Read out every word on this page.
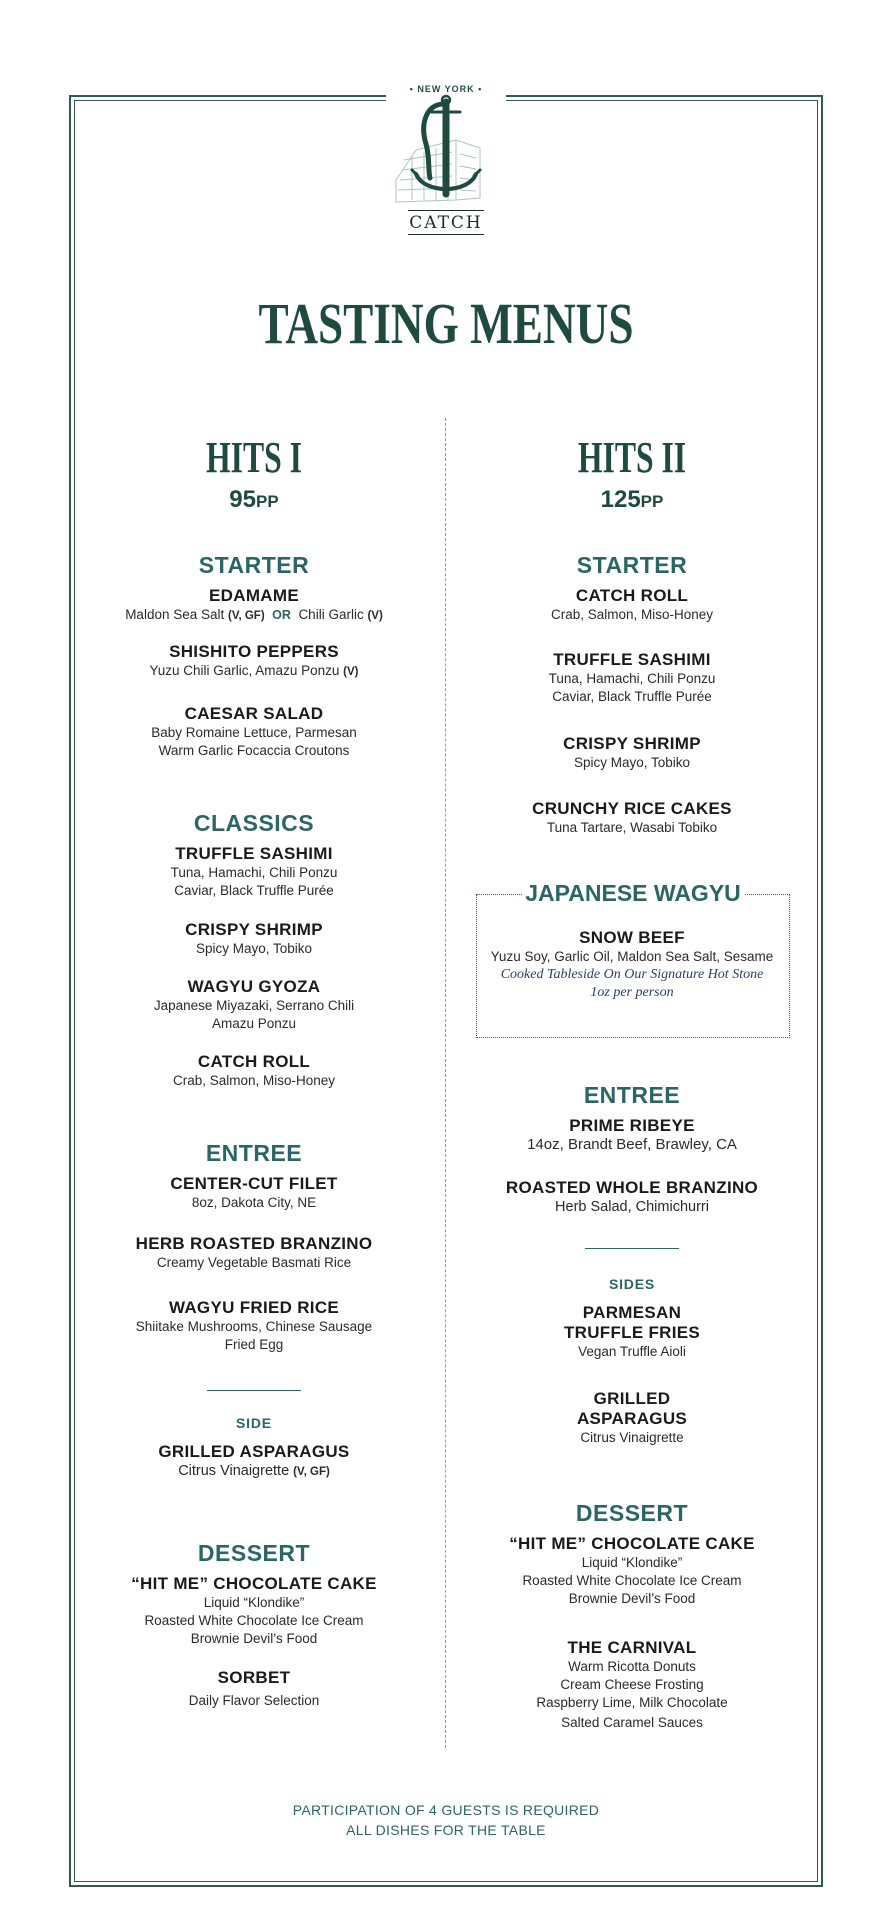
• NEW YORK •
CATCH
TASTING MENUS
HITS I
95PP
STARTER
EDAMAME
Maldon Sea Salt (V, GF) OR Chili Garlic (V)
SHISHITO PEPPERS
Yuzu Chili Garlic, Amazu Ponzu (V)
CAESAR SALAD
Baby Romaine Lettuce, Parmesan
Warm Garlic Focaccia Croutons
CLASSICS
TRUFFLE SASHIMI
Tuna, Hamachi, Chili Ponzu
Caviar, Black Truffle Purée
CRISPY SHRIMP
Spicy Mayo, Tobiko
WAGYU GYOZA
Japanese Miyazaki, Serrano Chili
Amazu Ponzu
CATCH ROLL
Crab, Salmon, Miso-Honey
ENTREE
CENTER-CUT FILET
8oz, Dakota City, NE
HERB ROASTED BRANZINO
Creamy Vegetable Basmati Rice
WAGYU FRIED RICE
Shiitake Mushrooms, Chinese Sausage
Fried Egg
SIDE
GRILLED ASPARAGUS
Citrus Vinaigrette (V, GF)
DESSERT
“HIT ME” CHOCOLATE CAKE
Liquid “Klondike”
Roasted White Chocolate Ice Cream
Brownie Devil’s Food
SORBET
Daily Flavor Selection
HITS II
125PP
STARTER
CATCH ROLL
Crab, Salmon, Miso-Honey
TRUFFLE SASHIMI
Tuna, Hamachi, Chili Ponzu
Caviar, Black Truffle Purée
CRISPY SHRIMP
Spicy Mayo, Tobiko
CRUNCHY RICE CAKES
Tuna Tartare, Wasabi Tobiko
SNOW BEEF
Yuzu Soy, Garlic Oil, Maldon Sea Salt, Sesame
Cooked Tableside On Our Signature Hot Stone
1oz per person
ENTREE
PRIME RIBEYE
14oz, Brandt Beef, Brawley, CA
ROASTED WHOLE BRANZINO
Herb Salad, Chimichurri
SIDES
PARMESAN
TRUFFLE FRIES
Vegan Truffle Aioli
GRILLED
ASPARAGUS
Citrus Vinaigrette
DESSERT
“HIT ME” CHOCOLATE CAKE
Liquid “Klondike”
Roasted White Chocolate Ice Cream
Brownie Devil’s Food
THE CARNIVAL
Warm Ricotta Donuts
Cream Cheese Frosting
Raspberry Lime, Milk Chocolate
Salted Caramel Sauces
JAPANESE WAGYU
PARTICIPATION OF 4 GUESTS IS REQUIRED
ALL DISHES FOR THE TABLE
